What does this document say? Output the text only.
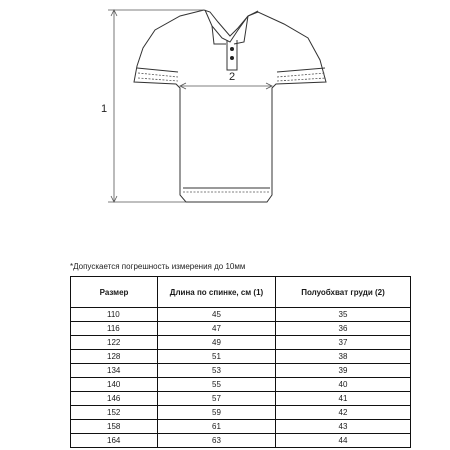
1
2
*Допускается погрешность измерения до 10мм
Размер	Длина по спинке, см (1)	Полуобхват груди (2)
110	45	35
116	47	36
122	49	37
128	51	38
134	53	39
140	55	40
146	57	41
152	59	42
158	61	43
164	63	44
